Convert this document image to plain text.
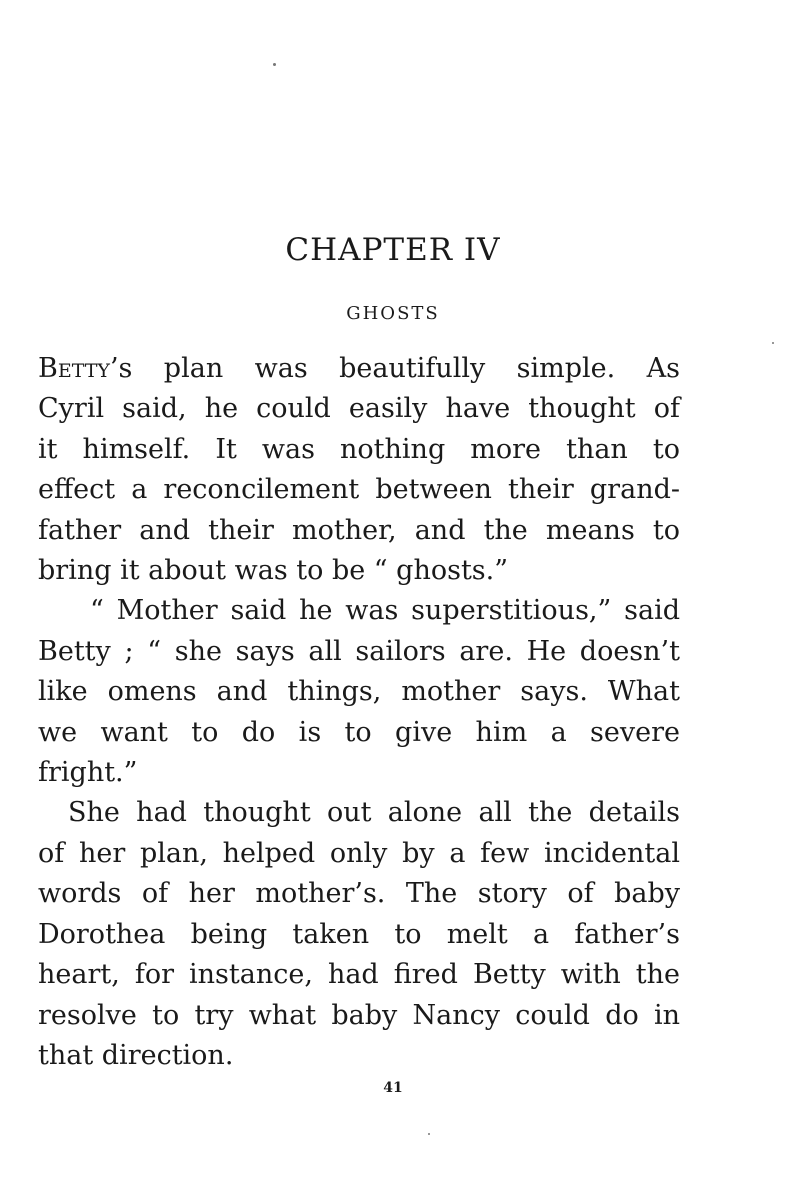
CHAPTER IV
GHOSTS
Betty’s plan was beautifully simple. As
Cyril said, he could easily have thought of
it himself. It was nothing more than to
effect a reconcilement between their grand-
father and their mother, and the means to
bring it about was to be “ ghosts.”
“ Mother said he was superstitious,” said
Betty ; “ she says all sailors are. He doesn’t
like omens and things, mother says. What
we want to do is to give him a severe
fright.”
She had thought out alone all the details
of her plan, helped only by a few incidental
words of her mother’s. The story of baby
Dorothea being taken to melt a father’s
heart, for instance, had fired Betty with the
resolve to try what baby Nancy could do in
that direction.
41
